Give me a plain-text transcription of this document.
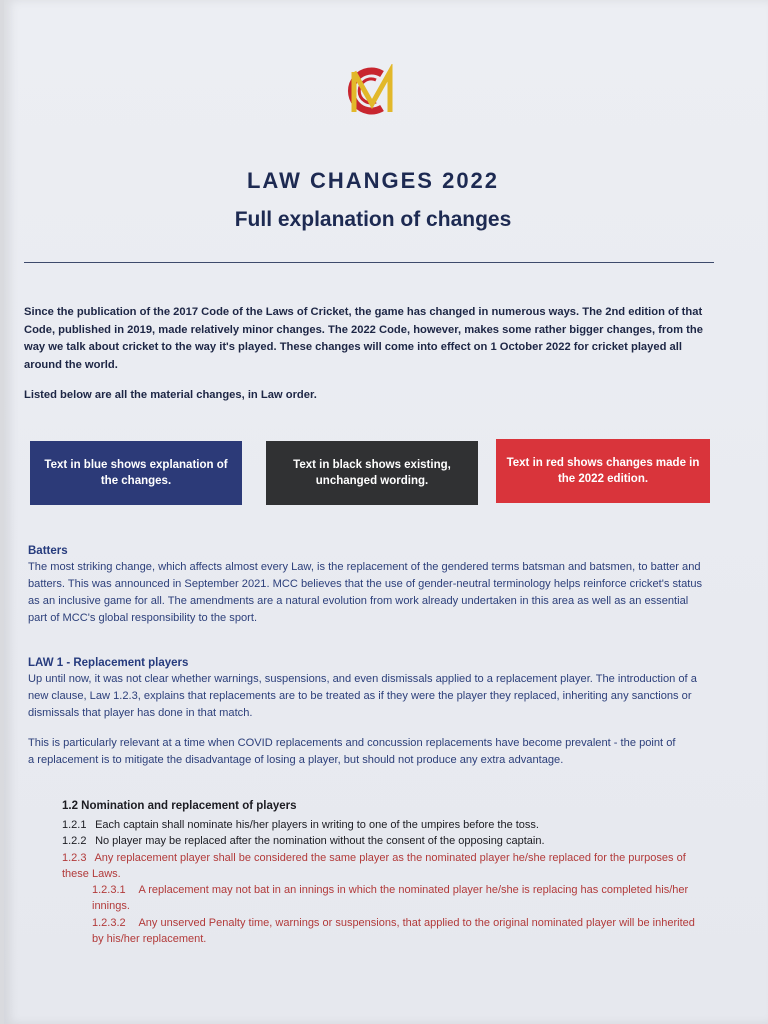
LAW CHANGES 2022
Full explanation of changes
Since the publication of the 2017 Code of the Laws of Cricket, the game has changed in numerous ways. The 2nd edition of that Code, published in 2019, made relatively minor changes. The 2022 Code, however, makes some rather bigger changes, from the way we talk about cricket to the way it's played. These changes will come into effect on 1 October 2022 for cricket played all around the world.
Listed below are all the material changes, in Law order.
Text in blue shows explanation of the changes.
Text in black shows existing, unchanged wording.
Text in red shows changes made in the 2022 edition.
Batters
The most striking change, which affects almost every Law, is the replacement of the gendered terms batsman and batsmen, to batter and batters. This was announced in September 2021. MCC believes that the use of gender-neutral terminology helps reinforce cricket's status as an inclusive game for all. The amendments are a natural evolution from work already undertaken in this area as well as an essential part of MCC's global responsibility to the sport.
LAW 1 - Replacement players
Up until now, it was not clear whether warnings, suspensions, and even dismissals applied to a replacement player. The introduction of a new clause, Law 1.2.3, explains that replacements are to be treated as if they were the player they replaced, inheriting any sanctions or dismissals that player has done in that match.
This is particularly relevant at a time when COVID replacements and concussion replacements have become prevalent - the point of a replacement is to mitigate the disadvantage of losing a player, but should not produce any extra advantage.
1.2 Nomination and replacement of players
1.2.1 Each captain shall nominate his/her players in writing to one of the umpires before the toss.
1.2.2 No player may be replaced after the nomination without the consent of the opposing captain.
1.2.3 Any replacement player shall be considered the same player as the nominated player he/she replaced for the purposes of these Laws.
1.2.3.1 A replacement may not bat in an innings in which the nominated player he/she is replacing has completed his/her innings.
1.2.3.2 Any unserved Penalty time, warnings or suspensions, that applied to the original nominated player will be inherited by his/her replacement.
